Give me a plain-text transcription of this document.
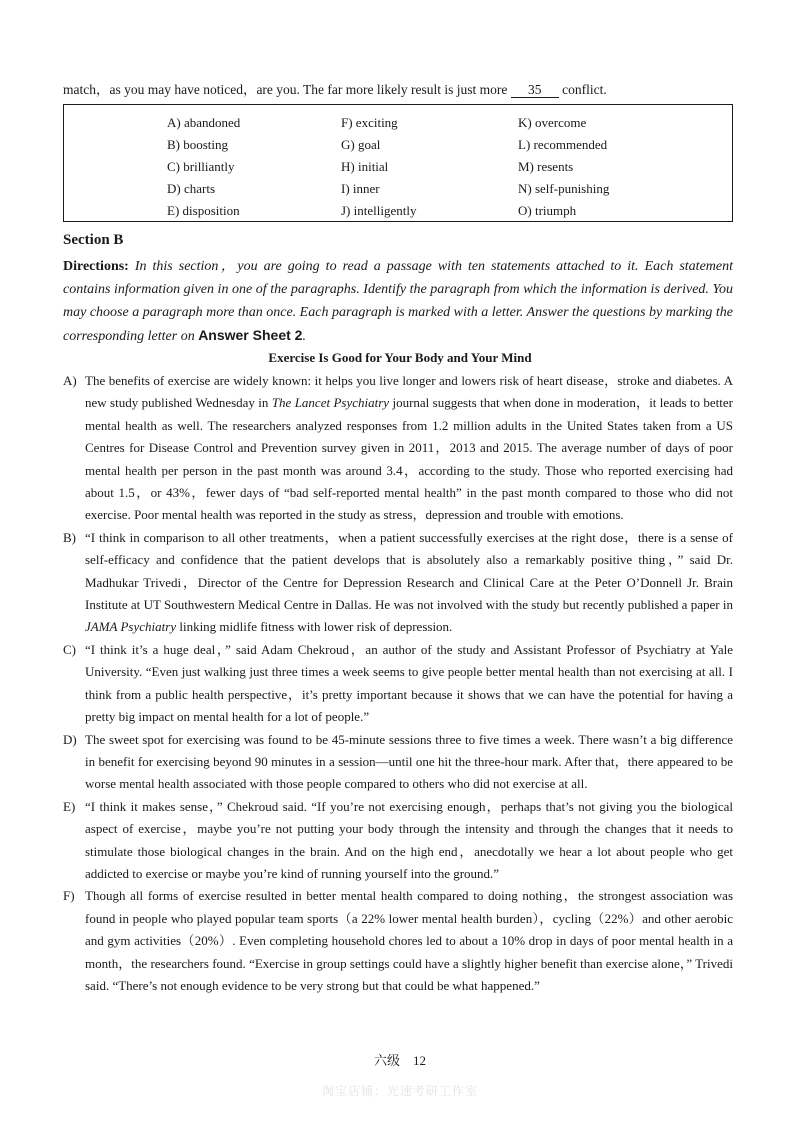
match，as you may have noticed，are you. The far more likely result is just more 35 conflict.
A) abandoned
B) boosting
C) brilliantly
D) charts
E) disposition
F) exciting
G) goal
H) initial
I) inner
J) intelligently
K) overcome
L) recommended
M) resents
N) self-punishing
O) triumph
Section B
Directions: In this section，you are going to read a passage with ten statements attached to it. Each statement contains information given in one of the paragraphs. Identify the paragraph from which the information is derived. You may choose a paragraph more than once. Each paragraph is marked with a letter. Answer the questions by marking the corresponding letter on Answer Sheet 2.
Exercise Is Good for Your Body and Your Mind

A) The benefits of exercise are widely known: it helps you live longer and lowers risk of heart disease，stroke and diabetes. A new study published Wednesday in The Lancet Psychiatry journal suggests that when done in moderation，it leads to better mental health as well. The researchers analyzed responses from 1.2 million adults in the United States taken from a US Centres for Disease Control and Prevention survey given in 2011，2013 and 2015. The average number of days of poor mental health per person in the past month was around 3.4，according to the study. Those who reported exercising had about 1.5，or 43%，fewer days of “bad self-reported mental health” in the past month compared to those who did not exercise. Poor mental health was reported in the study as stress，depression and trouble with emotions.

B) “I think in comparison to all other treatments，when a patient successfully exercises at the right dose，there is a sense of self-efficacy and confidence that the patient develops that is absolutely also a remarkably positive thing，” said Dr. Madhukar Trivedi，Director of the Centre for Depression Research and Clinical Care at the Peter O’Donnell Jr. Brain Institute at UT Southwestern Medical Centre in Dallas. He was not involved with the study but recently published a paper in JAMA Psychiatry linking midlife fitness with lower risk of depression.

C) “I think it’s a huge deal，” said Adam Chekroud，an author of the study and Assistant Professor of Psychiatry at Yale University. “Even just walking just three times a week seems to give people better mental health than not exercising at all. I think from a public health perspective，it’s pretty important because it shows that we can have the potential for having a pretty big impact on mental health for a lot of people.”

D) The sweet spot for exercising was found to be 45-minute sessions three to five times a week. There wasn’t a big difference in benefit for exercising beyond 90 minutes in a session—until one hit the three-hour mark. After that，there appeared to be worse mental health associated with those people compared to others who did not exercise at all.

E) “I think it makes sense，” Chekroud said. “If you’re not exercising enough，perhaps that’s not giving you the biological aspect of exercise，maybe you’re not putting your body through the intensity and through the changes that it needs to stimulate those biological changes in the brain. And on the high end，anecdotally we hear a lot about people who get addicted to exercise or maybe you’re kind of running yourself into the ground.”

F) Though all forms of exercise resulted in better mental health compared to doing nothing，the strongest association was found in people who played popular team sports（a 22% lower mental health burden），cycling（22%）and other aerobic and gym activities（20%）. Even completing household chores led to about a 10% drop in days of poor mental health in a month，the researchers found. “Exercise in group settings could have a slightly higher benefit than exercise alone，” Trivedi said. “There’s not enough evidence to be very strong but that could be what happened.”

六级　12
淘宝店铺：光速考研工作室
